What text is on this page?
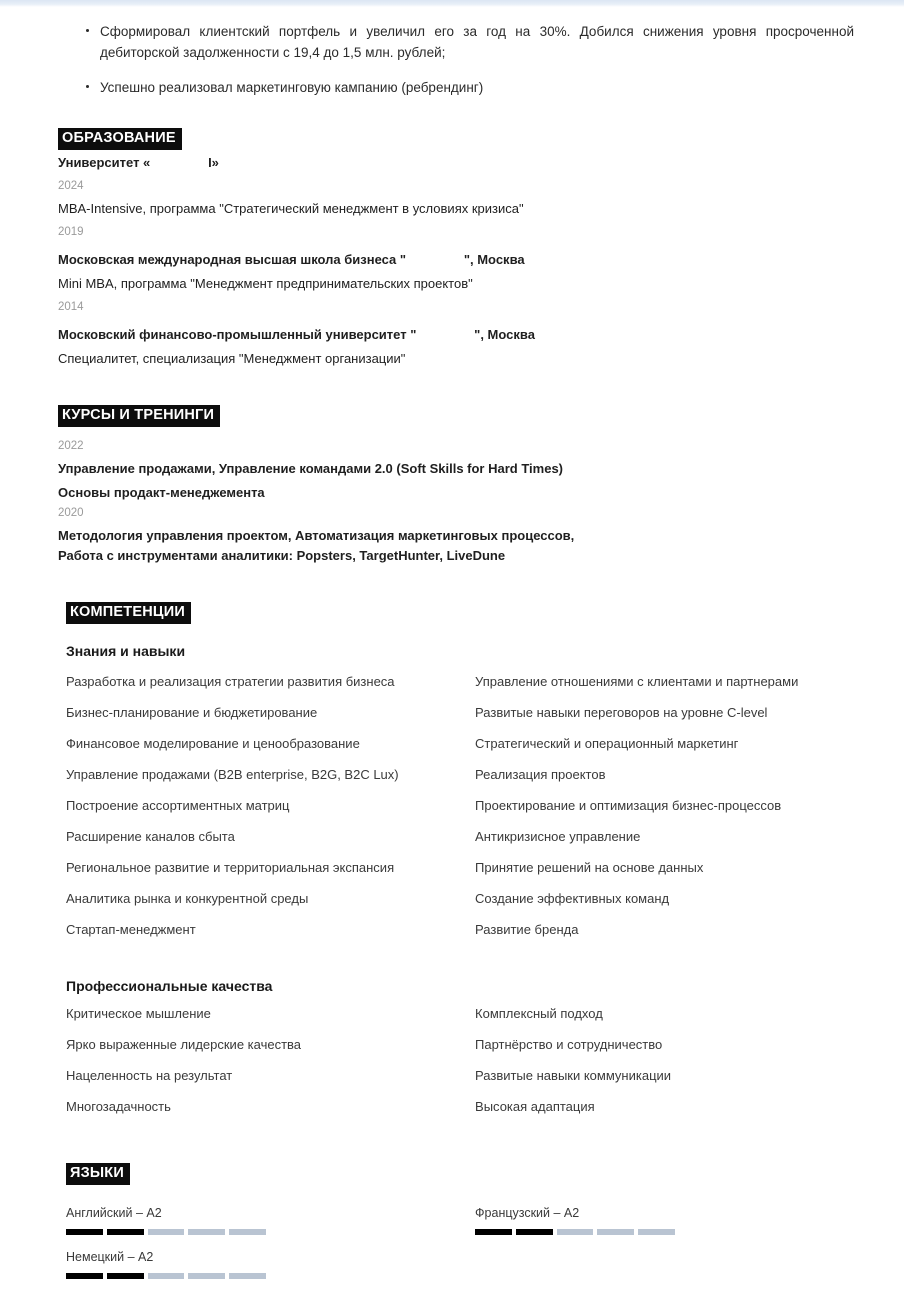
Сформировал клиентский портфель и увеличил его за год на 30%. Добился снижения уровня просроченной дебиторской задолженности с 19,4 до 1,5 млн. рублей;
Успешно реализовал маркетинговую кампанию (ребрендинг)
ОБРАЗОВАНИЕ

Университет «                I»

2024

MBA-Intensive, программа "Стратегический менеджмент в условиях кризиса"

2019

Московская международная высшая школа бизнеса "                ", Москва

Mini MBA, программа "Менеджмент предпринимательских проектов"

2014

Московский финансово-промышленный университет "                ", Москва

Специалитет, специализация "Менеджмент организации"

КУРСЫ И ТРЕНИНГИ

2022

Управление продажами, Управление командами 2.0 (Soft Skills for Hard Times)

Основы продакт-менеджемента

2020

Методология управления проектом, Автоматизация маркетинговых процессов,

Работа с инструментами аналитики: Popsters, TargetHunter, LiveDune

КОМПЕТЕНЦИИ

Знания и навыки

Разработка и реализация стратегии развития бизнеса

Бизнес-планирование и бюджетирование

Финансовое моделирование и ценообразование

Управление продажами (B2B enterprise, B2G, B2C Lux)

Построение ассортиментных матриц

Расширение каналов сбыта

Региональное развитие и территориальная экспансия

Аналитика рынка и конкурентной среды

Стартап-менеджмент

Управление отношениями с клиентами и партнерами

Развитые навыки переговоров на уровне C-level

Стратегический и операционный маркетинг

Реализация проектов

Проектирование и оптимизация бизнес-процессов

Антикризисное управление

Принятие решений на основе данных

Создание эффективных команд

Развитие бренда

Профессиональные качества

Критическое мышление

Ярко выраженные лидерские качества

Нацеленность на результат

Многозадачность

Комплексный подход

Партнёрство и сотрудничество

Развитые навыки коммуникации

Высокая адаптация

ЯЗЫКИ

Английский – A2

Немецкий – A2

Французский – A2
